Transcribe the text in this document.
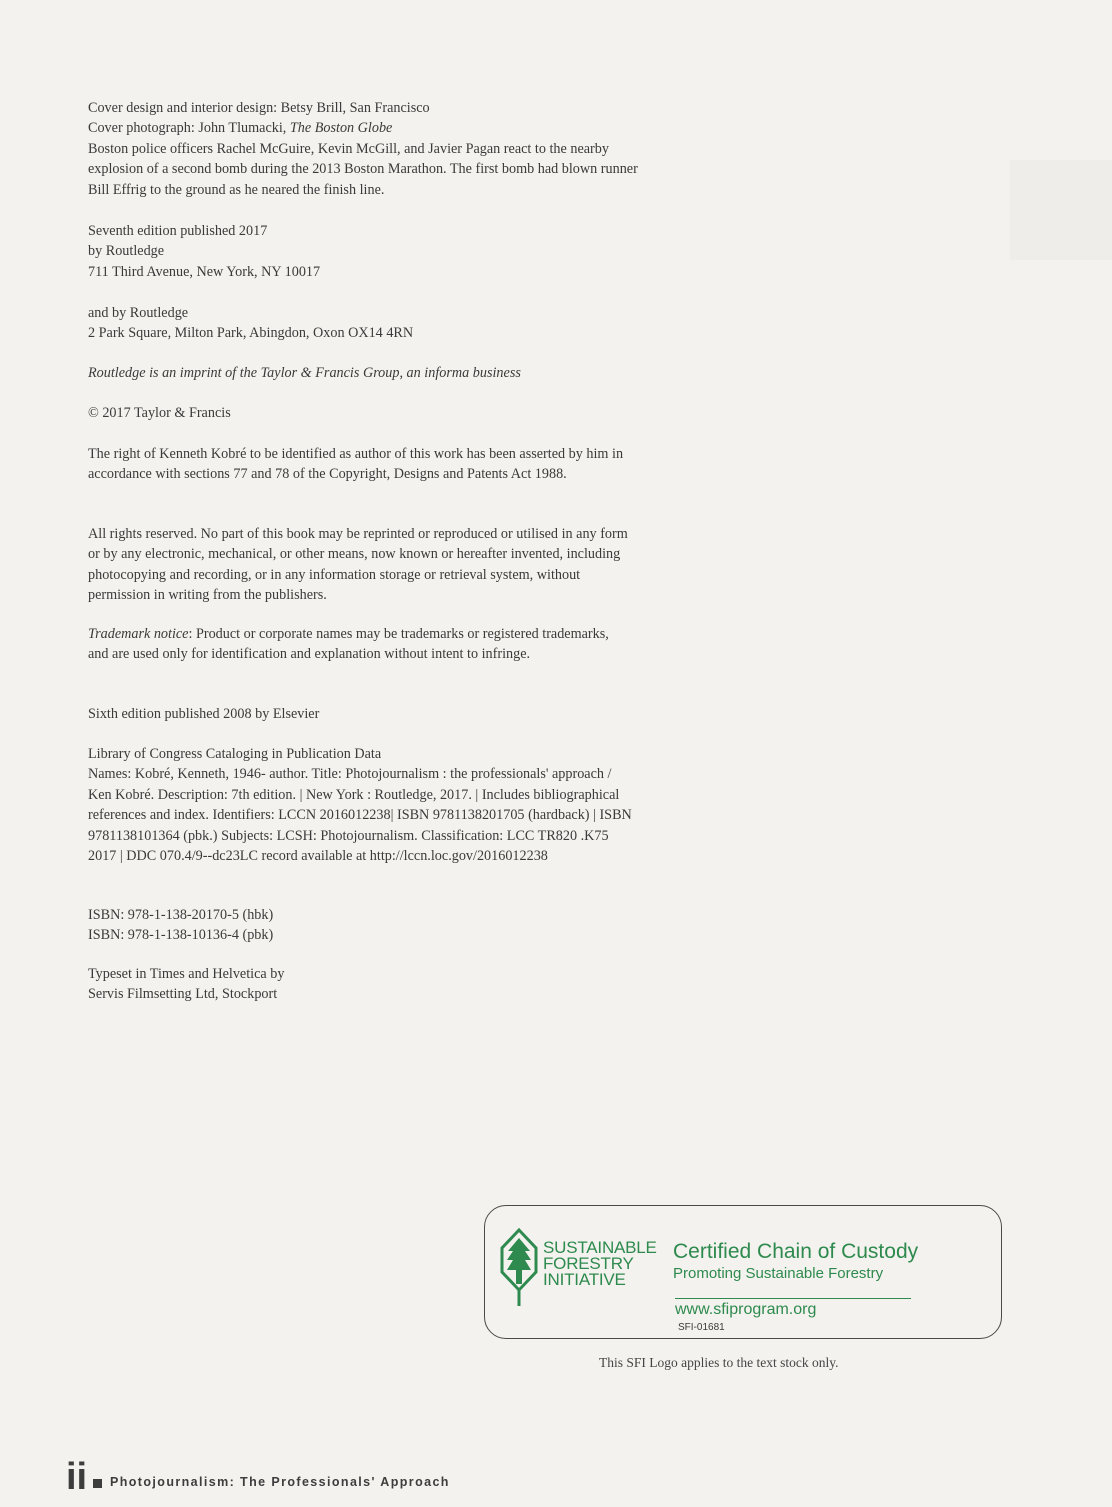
Cover design and interior design: Betsy Brill, San Francisco

Cover photograph: John Tlumacki, The Boston Globe

Boston police officers Rachel McGuire, Kevin McGill, and Javier Pagan react to the nearby explosion of a second bomb during the 2013 Boston Marathon. The first bomb had blown runner Bill Effrig to the ground as he neared the finish line.

Seventh edition published 2017

by Routledge

711 Third Avenue, New York, NY 10017

and by Routledge

2 Park Square, Milton Park, Abingdon, Oxon OX14 4RN

Routledge is an imprint of the Taylor & Francis Group, an informa business

© 2017 Taylor & Francis

The right of Kenneth Kobré to be identified as author of this work has been asserted by him in accordance with sections 77 and 78 of the Copyright, Designs and Patents Act 1988.

All rights reserved. No part of this book may be reprinted or reproduced or utilised in any form or by any electronic, mechanical, or other means, now known or hereafter invented, including photocopying and recording, or in any information storage or retrieval system, without permission in writing from the publishers.

Trademark notice: Product or corporate names may be trademarks or registered trademarks, and are used only for identification and explanation without intent to infringe.

Sixth edition published 2008 by Elsevier

Library of Congress Cataloging in Publication Data

Names: Kobré, Kenneth, 1946- author. Title: Photojournalism : the professionals' approach / Ken Kobré. Description: 7th edition. | New York : Routledge, 2017. | Includes bibliographical references and index. Identifiers: LCCN 2016012238| ISBN 9781138201705 (hardback) | ISBN 9781138101364 (pbk.) Subjects: LCSH: Photojournalism. Classification: LCC TR820 .K75 2017 | DDC 070.4/9--dc23LC record available at http://lccn.loc.gov/2016012238

ISBN: 978-1-138-20170-5 (hbk)

ISBN: 978-1-138-10136-4 (pbk)

Typeset in Times and Helvetica by

Servis Filmsetting Ltd, Stockport

SUSTAINABLE
FORESTRY
INITIATIVE
Certified Chain of Custody
Promoting Sustainable Forestry
www.sfiprogram.org
SFI-01681
This SFI Logo applies to the text stock only.
ii Photojournalism: The Professionals' Approach
